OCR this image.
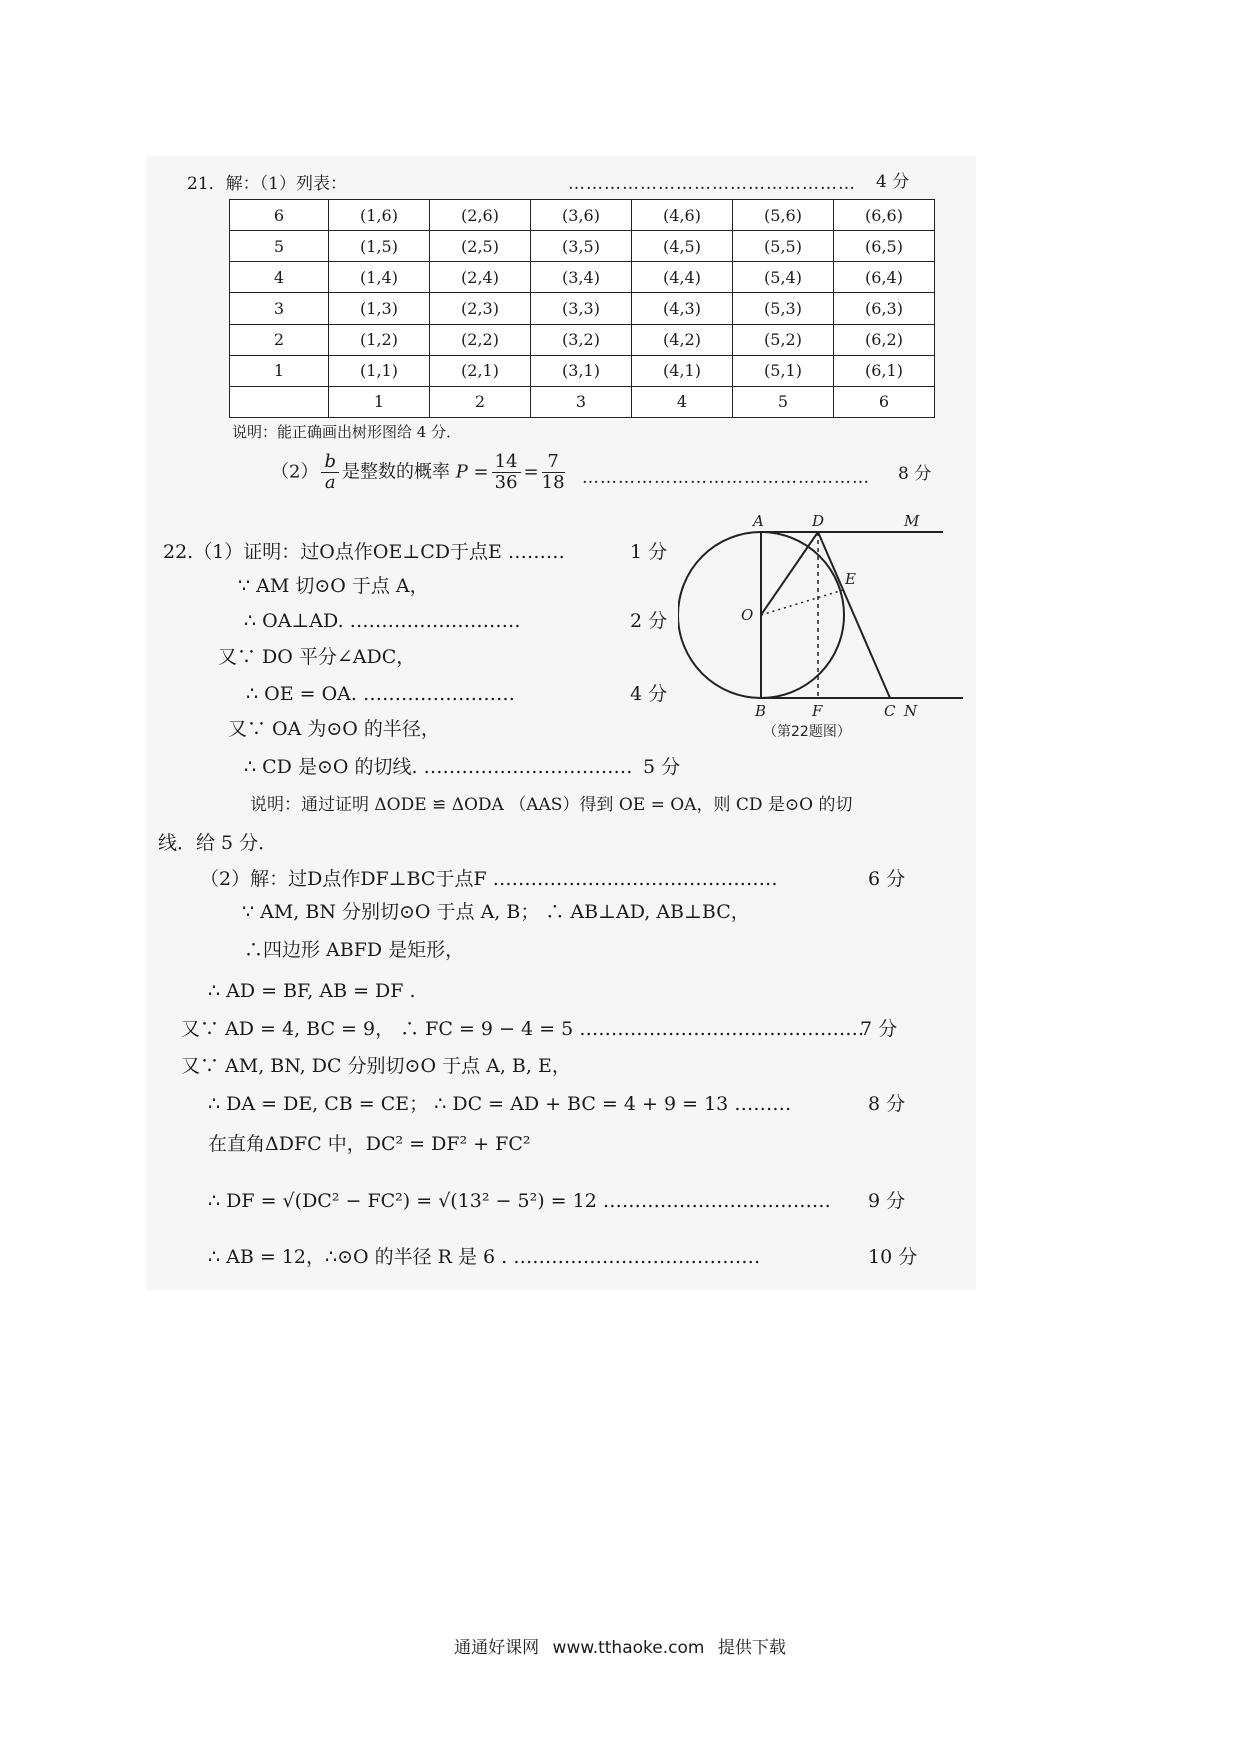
21．解：（1）列表：	………………………………………… 4 分
6	(1,6)	(2,6)	(3,6)	(4,6)	(5,6)	(6,6)
5	(1,5)	(2,5)	(3,5)	(4,5)	(5,5)	(6,5)
4	(1,4)	(2,4)	(3,4)	(4,4)	(5,4)	(6,4)
3	(1,3)	(2,3)	(3,3)	(4,3)	(5,3)	(6,3)
2	(1,2)	(2,2)	(3,2)	(4,2)	(5,2)	(6,2)
1	(1,1)	(2,1)	(3,1)	(4,1)	(5,1)	(6,1)
	1	2	3	4	5	6
说明：能正确画出树形图给 4 分．
$(2) \frac{b}{a}$ 是整数的概率 $P = \frac{14}{36} = \frac{7}{18}$ ………………………………………… 8 分
22.（1）证明：过O点作OE⊥CD于点E ………	1 分
∵ AM 切⊙O 于点 A，
∴ OA⊥AD. ………………………	2 分
又∵ DO 平分∠ADC，
∴ OE = OA. ……………………	4 分
又∵ OA 为⊙O 的半径，
∴ CD 是⊙O 的切线. …………………………… 5 分
说明：通过证明 ΔODE ≌ ΔODA （AAS）得到 OE = OA，则 CD 是⊙O 的切
线．给 5 分．
（2）解：过D点作DF⊥BC于点F ………………………………………	6 分
∵ AM, BN 分别切⊙O 于点 A, B； ∴ AB⊥AD, AB⊥BC，
∴四边形 ABFD 是矩形，
∴ AD = BF, AB = DF .
又∵ AD = 4, BC = 9， ∴ FC = 9 − 4 = 5 ………………………………………
7 分
又∵ AM, BN, DC 分别切⊙O 于点 A, B, E，
∴ DA = DE, CB = CE； ∴ DC = AD + BC = 4 + 9 = 13 ………	8 分
在直角ΔDFC 中，DC² = DF² + FC²
∴ DF = √(DC² − FC²) = √(13² − 5²) = 12 ……………………………… 9 分
∴ AB = 12，∴⊙O 的半径 R 是 6 . …………………………………	10 分
A	D	M
E
O
B	F	C N
（第22题图）
通通好课网 www.tthaoke.com 提供下载
